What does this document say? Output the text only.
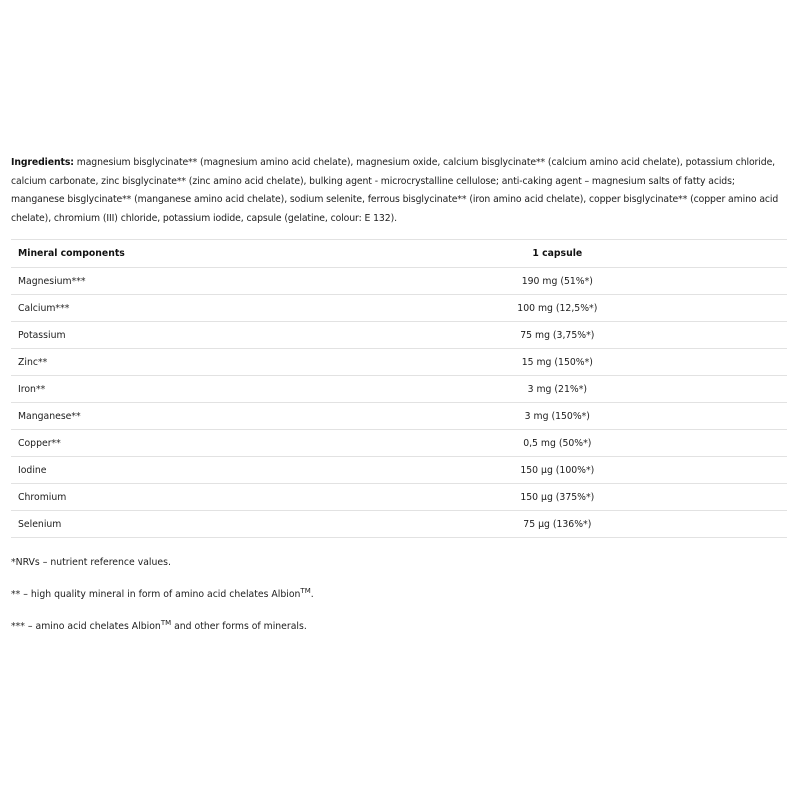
Ingredients: magnesium bisglycinate** (magnesium amino acid chelate), magnesium oxide, calcium bisglycinate** (calcium amino acid chelate), potassium chloride, calcium carbonate, zinc bisglycinate** (zinc amino acid chelate), bulking agent - microcrystalline cellulose; anti-caking agent – magnesium salts of fatty acids; manganese bisglycinate** (manganese amino acid chelate), sodium selenite, ferrous bisglycinate** (iron amino acid chelate), copper bisglycinate** (copper amino acid chelate), chromium (III) chloride, potassium iodide, capsule (gelatine, colour: E 132).

Mineral components	1 capsule
Magnesium***	190 mg (51%*)
Calcium***	100 mg (12,5%*)
Potassium	75 mg (3,75%*)
Zinc**	15 mg (150%*)
Iron**	3 mg (21%*)
Manganese**	3 mg (150%*)
Copper**	0,5 mg (50%*)
Iodine	150 µg (100%*)
Chromium	150 µg (375%*)
Selenium	75 µg (136%*)

*NRVs – nutrient reference values.

** – high quality mineral in form of amino acid chelates Albion™.

*** – amino acid chelates Albion™ and other forms of minerals.
